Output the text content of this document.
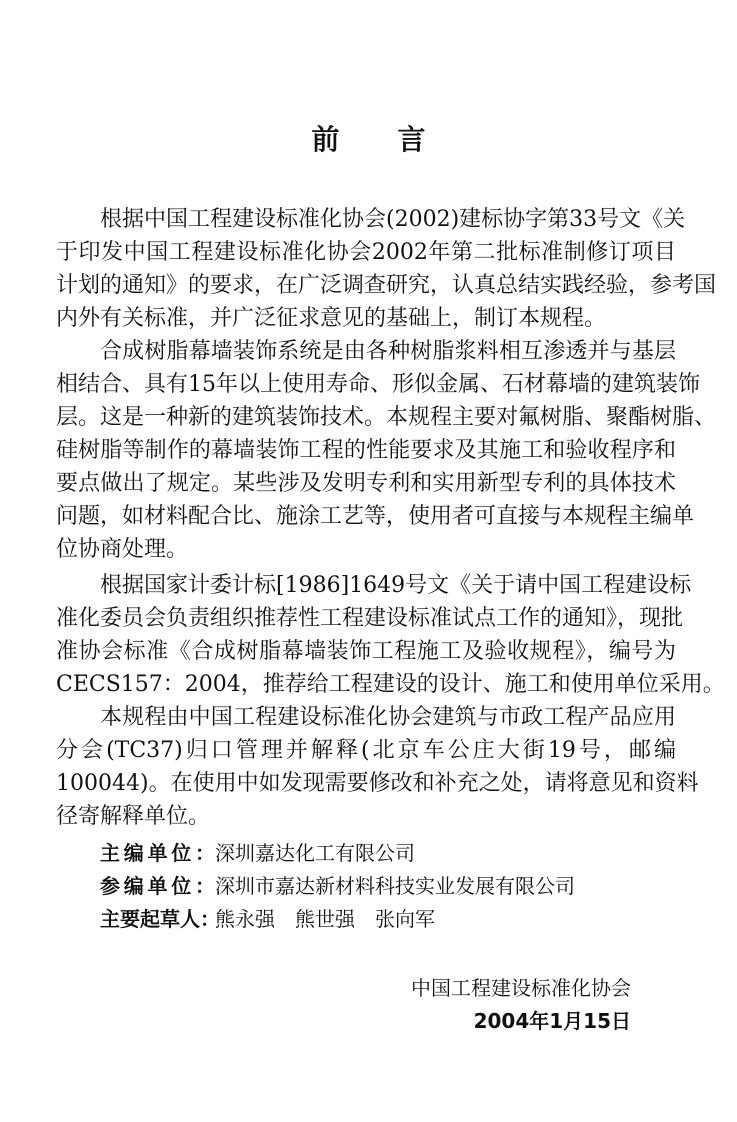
前言
根据中国工程建设标准化协会(2002)建标协字第33号文《关
于印发中国工程建设标准化协会2002年第二批标准制修订项目
计划的通知》的要求，在广泛调查研究，认真总结实践经验，参考国
内外有关标准，并广泛征求意见的基础上，制订本规程。
合成树脂幕墙装饰系统是由各种树脂浆料相互渗透并与基层
相结合、具有15年以上使用寿命、形似金属、石材幕墙的建筑装饰
层。这是一种新的建筑装饰技术。本规程主要对氟树脂、聚酯树脂、
硅树脂等制作的幕墙装饰工程的性能要求及其施工和验收程序和
要点做出了规定。某些涉及发明专利和实用新型专利的具体技术
问题，如材料配合比、施涂工艺等，使用者可直接与本规程主编单
位协商处理。
根据国家计委计标[1986]1649号文《关于请中国工程建设标
准化委员会负责组织推荐性工程建设标准试点工作的通知》，现批
准协会标准《合成树脂幕墙装饰工程施工及验收规程》，编号为
CECS157：2004，推荐给工程建设的设计、施工和使用单位采用。
本规程由中国工程建设标准化协会建筑与市政工程产品应用
分会(TC37)归口管理并解释(北京车公庄大街19号，邮编
100044)。在使用中如发现需要修改和补充之处，请将意见和资料
径寄解释单位。
主编单位：深圳嘉达化工有限公司
参编单位：深圳市嘉达新材料科技实业发展有限公司
主要起草人：熊永强　熊世强　张向军
中国工程建设标准化协会
2004年1月15日
